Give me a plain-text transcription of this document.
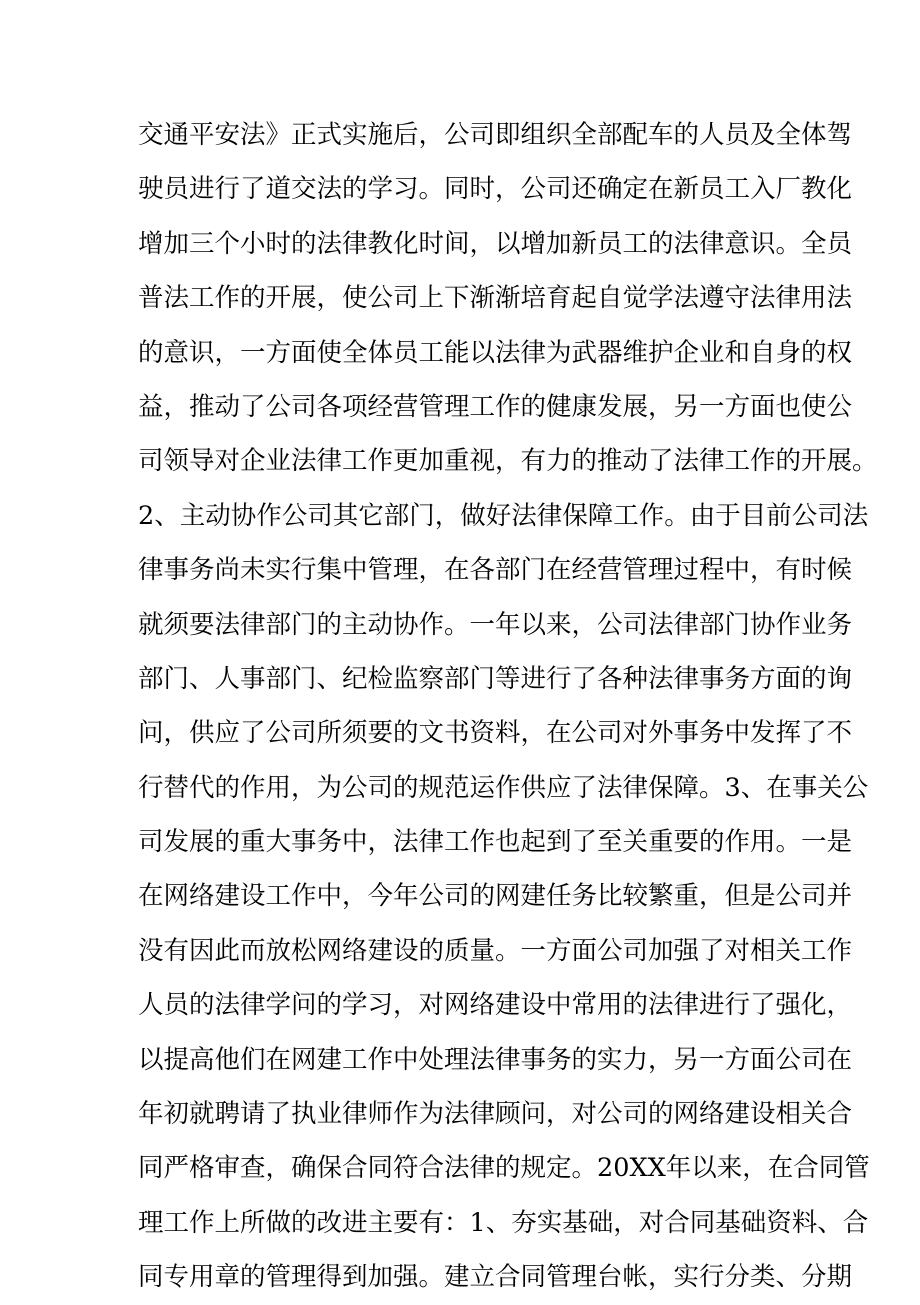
交通平安法》正式实施后，公司即组织全部配车的人员及全体驾
驶员进行了道交法的学习。同时，公司还确定在新员工入厂教化
增加三个小时的法律教化时间，以增加新员工的法律意识。全员
普法工作的开展，使公司上下渐渐培育起自觉学法遵守法律用法
的意识，一方面使全体员工能以法律为武器维护企业和自身的权
益，推动了公司各项经营管理工作的健康发展，另一方面也使公
司领导对企业法律工作更加重视，有力的推动了法律工作的开展。
2、主动协作公司其它部门，做好法律保障工作。由于目前公司法
律事务尚未实行集中管理，在各部门在经营管理过程中，有时候
就须要法律部门的主动协作。一年以来，公司法律部门协作业务
部门、人事部门、纪检监察部门等进行了各种法律事务方面的询
问，供应了公司所须要的文书资料，在公司对外事务中发挥了不
行替代的作用，为公司的规范运作供应了法律保障。3、在事关公
司发展的重大事务中，法律工作也起到了至关重要的作用。一是
在网络建设工作中，今年公司的网建任务比较繁重，但是公司并
没有因此而放松网络建设的质量。一方面公司加强了对相关工作
人员的法律学问的学习，对网络建设中常用的法律进行了强化，
以提高他们在网建工作中处理法律事务的实力，另一方面公司在
年初就聘请了执业律师作为法律顾问，对公司的网络建设相关合
同严格审查，确保合同符合法律的规定。20XX年以来，在合同管
理工作上所做的改进主要有：1、夯实基础，对合同基础资料、合
同专用章的管理得到加强。建立合同管理台帐，实行分类、分期
